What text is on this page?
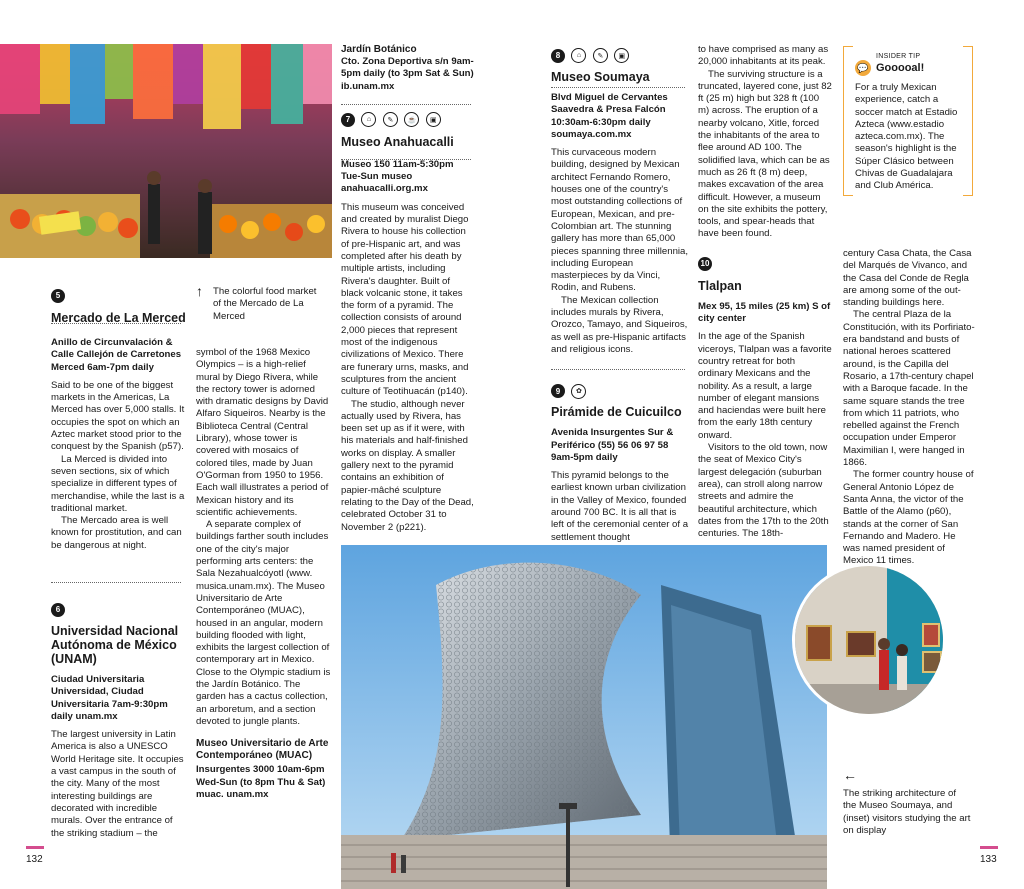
↑ The colorful food market of the Mercado de La Merced
5
Mercado de La Merced

Anillo de Circunvalación & Calle Callejón de Carretones Merced 6am-7pm daily

Said to be one of the biggest markets in the Americas, La Merced has over 5,000 stalls. It occupies the spot on which an Aztec market stood prior to the conquest by the Spanish (p57).

La Merced is divided into seven sections, six of which specialize in different types of merchandise, while the last is a traditional market.

The Mercado area is well known for prostitution, and can be dangerous at night.

6
Universidad Nacional Autónoma de México (UNAM)

Ciudad Universitaria Universidad, Ciudad Universitaria 7am-9:30pm daily unam.mx

The largest university in Latin America is also a UNESCO World Heritage site. It occupies a vast campus in the south of the city. Many of the most interesting buildings are decorated with incredible murals. Over the entrance of the striking stadium – the

symbol of the 1968 Mexico Olympics – is a high-relief mural by Diego Rivera, while the rectory tower is adorned with dramatic designs by David Alfaro Siqueiros. Nearby is the Biblioteca Central (Central Library), whose tower is covered with mosaics of colored tiles, made by Juan O'Gorman from 1950 to 1956. Each wall illustrates a period of Mexican history and its scientific achievements.

A separate complex of buildings farther south includes one of the city's major performing arts centers: the Sala Nezahualcóyotl (www. musica.unam.mx). The Museo Universitario de Arte Contemporáneo (MUAC), housed in an angular, modern building flooded with light, exhibits the largest collection of contemporary art in Mexico. Close to the Olympic stadium is the Jardín Botánico. The garden has a cactus collection, an arboretum, and a section devoted to jungle plants.

Museo Universitario de Arte Contemporáneo (MUAC)

Insurgentes 3000 10am-6pm Wed-Sun (to 8pm Thu & Sat) muac. unam.mx

Jardín Botánico

Cto. Zona Deportiva s/n 9am-5pm daily (to 3pm Sat & Sun) ib.unam.mx

7 ⌂ ✎ ☕ ▣
Museo Anahuacalli

Museo 150 11am-5:30pm Tue-Sun museo anahuacalli.org.mx

This museum was conceived and created by muralist Diego Rivera to house his collection of pre-Hispanic art, and was completed after his death by multiple artists, including Rivera's daughter. Built of black volcanic stone, it takes the form of a pyramid. The collection consists of around 2,000 pieces that represent most of the indigenous civilizations of Mexico. There are funerary urns, masks, and sculptures from the ancient culture of Teotihuacán (p140).

The studio, although never actually used by Rivera, has been set up as if it were, with his materials and half-finished works on display. A smaller gallery next to the pyramid contains an exhibition of papier-mâché sculpture relating to the Day of the Dead, celebrated October 31 to November 2 (p221).

8 ⌂ ✎ ▣
Museo Soumaya

Blvd Miguel de Cervantes Saavedra & Presa Falcón 10:30am-6:30pm daily soumaya.com.mx

This curvaceous modern building, designed by Mexican architect Fernando Romero, houses one of the country's most outstanding collections of European, Mexican, and pre-Colombian art. The stunning gallery has more than 65,000 pieces spanning three millennia, including European masterpieces by da Vinci, Rodin, and Rubens.

The Mexican collection includes murals by Rivera, Orozco, Tamayo, and Siqueiros, as well as pre-Hispanic artifacts and religious icons.

9 ✿
Pirámide de Cuicuilco

Avenida Insurgentes Sur & Periférico (55) 56 06 97 58 9am-5pm daily

This pyramid belongs to the earliest known urban civilization in the Valley of Mexico, founded around 700 BC. It is all that is left of the ceremonial center of a settlement thought

to have comprised as many as 20,000 inhabitants at its peak.

The surviving structure is a truncated, layered cone, just 82 ft (25 m) high but 328 ft (100 m) across. The eruption of a nearby volcano, Xitle, forced the inhabitants of the area to flee around AD 100. The solidified lava, which can be as much as 26 ft (8 m) deep, makes excavation of the area difficult. However, a museum on the site exhibits the pottery, tools, and spear-heads that have been found.

10
Tlalpan

Mex 95, 15 miles (25 km) S of city center

In the age of the Spanish viceroys, Tlalpan was a favorite country retreat for both ordinary Mexicans and the nobility. As a result, a large number of elegant mansions and haciendas were built here from the early 18th century onward.

Visitors to the old town, now the seat of Mexico City's largest delegación (suburban area), can stroll along narrow streets and admire the beautiful architecture, which dates from the 17th to the 20th centuries. The 18th-

💬
INSIDER TIP
Gooooal!

For a truly Mexican experience, catch a soccer match at Estadio Azteca (www.estadio azteca.com.mx). The season's highlight is the Súper Clásico between Chivas de Guadalajara and Club América.

century Casa Chata, the Casa del Marqués de Vivanco, and the Casa del Conde de Regla are among some of the out-standing buildings here.

The central Plaza de la Constitución, with its Porfiriato-era bandstand and busts of national heroes scattered around, is the Capilla del Rosario, a 17th-century chapel with a Baroque facade. In the same square stands the tree from which 11 patriots, who rebelled against the French occupation under Emperor Maximilian I, were hanged in 1866.

The former country house of General Antonio López de Santa Anna, the victor of the Battle of the Alamo (p60), stands at the corner of San Fernando and Madero. He was named president of Mexico 11 times.

←

The striking architecture of the Museo Soumaya, and (inset) visitors studying the art on display

132	133
